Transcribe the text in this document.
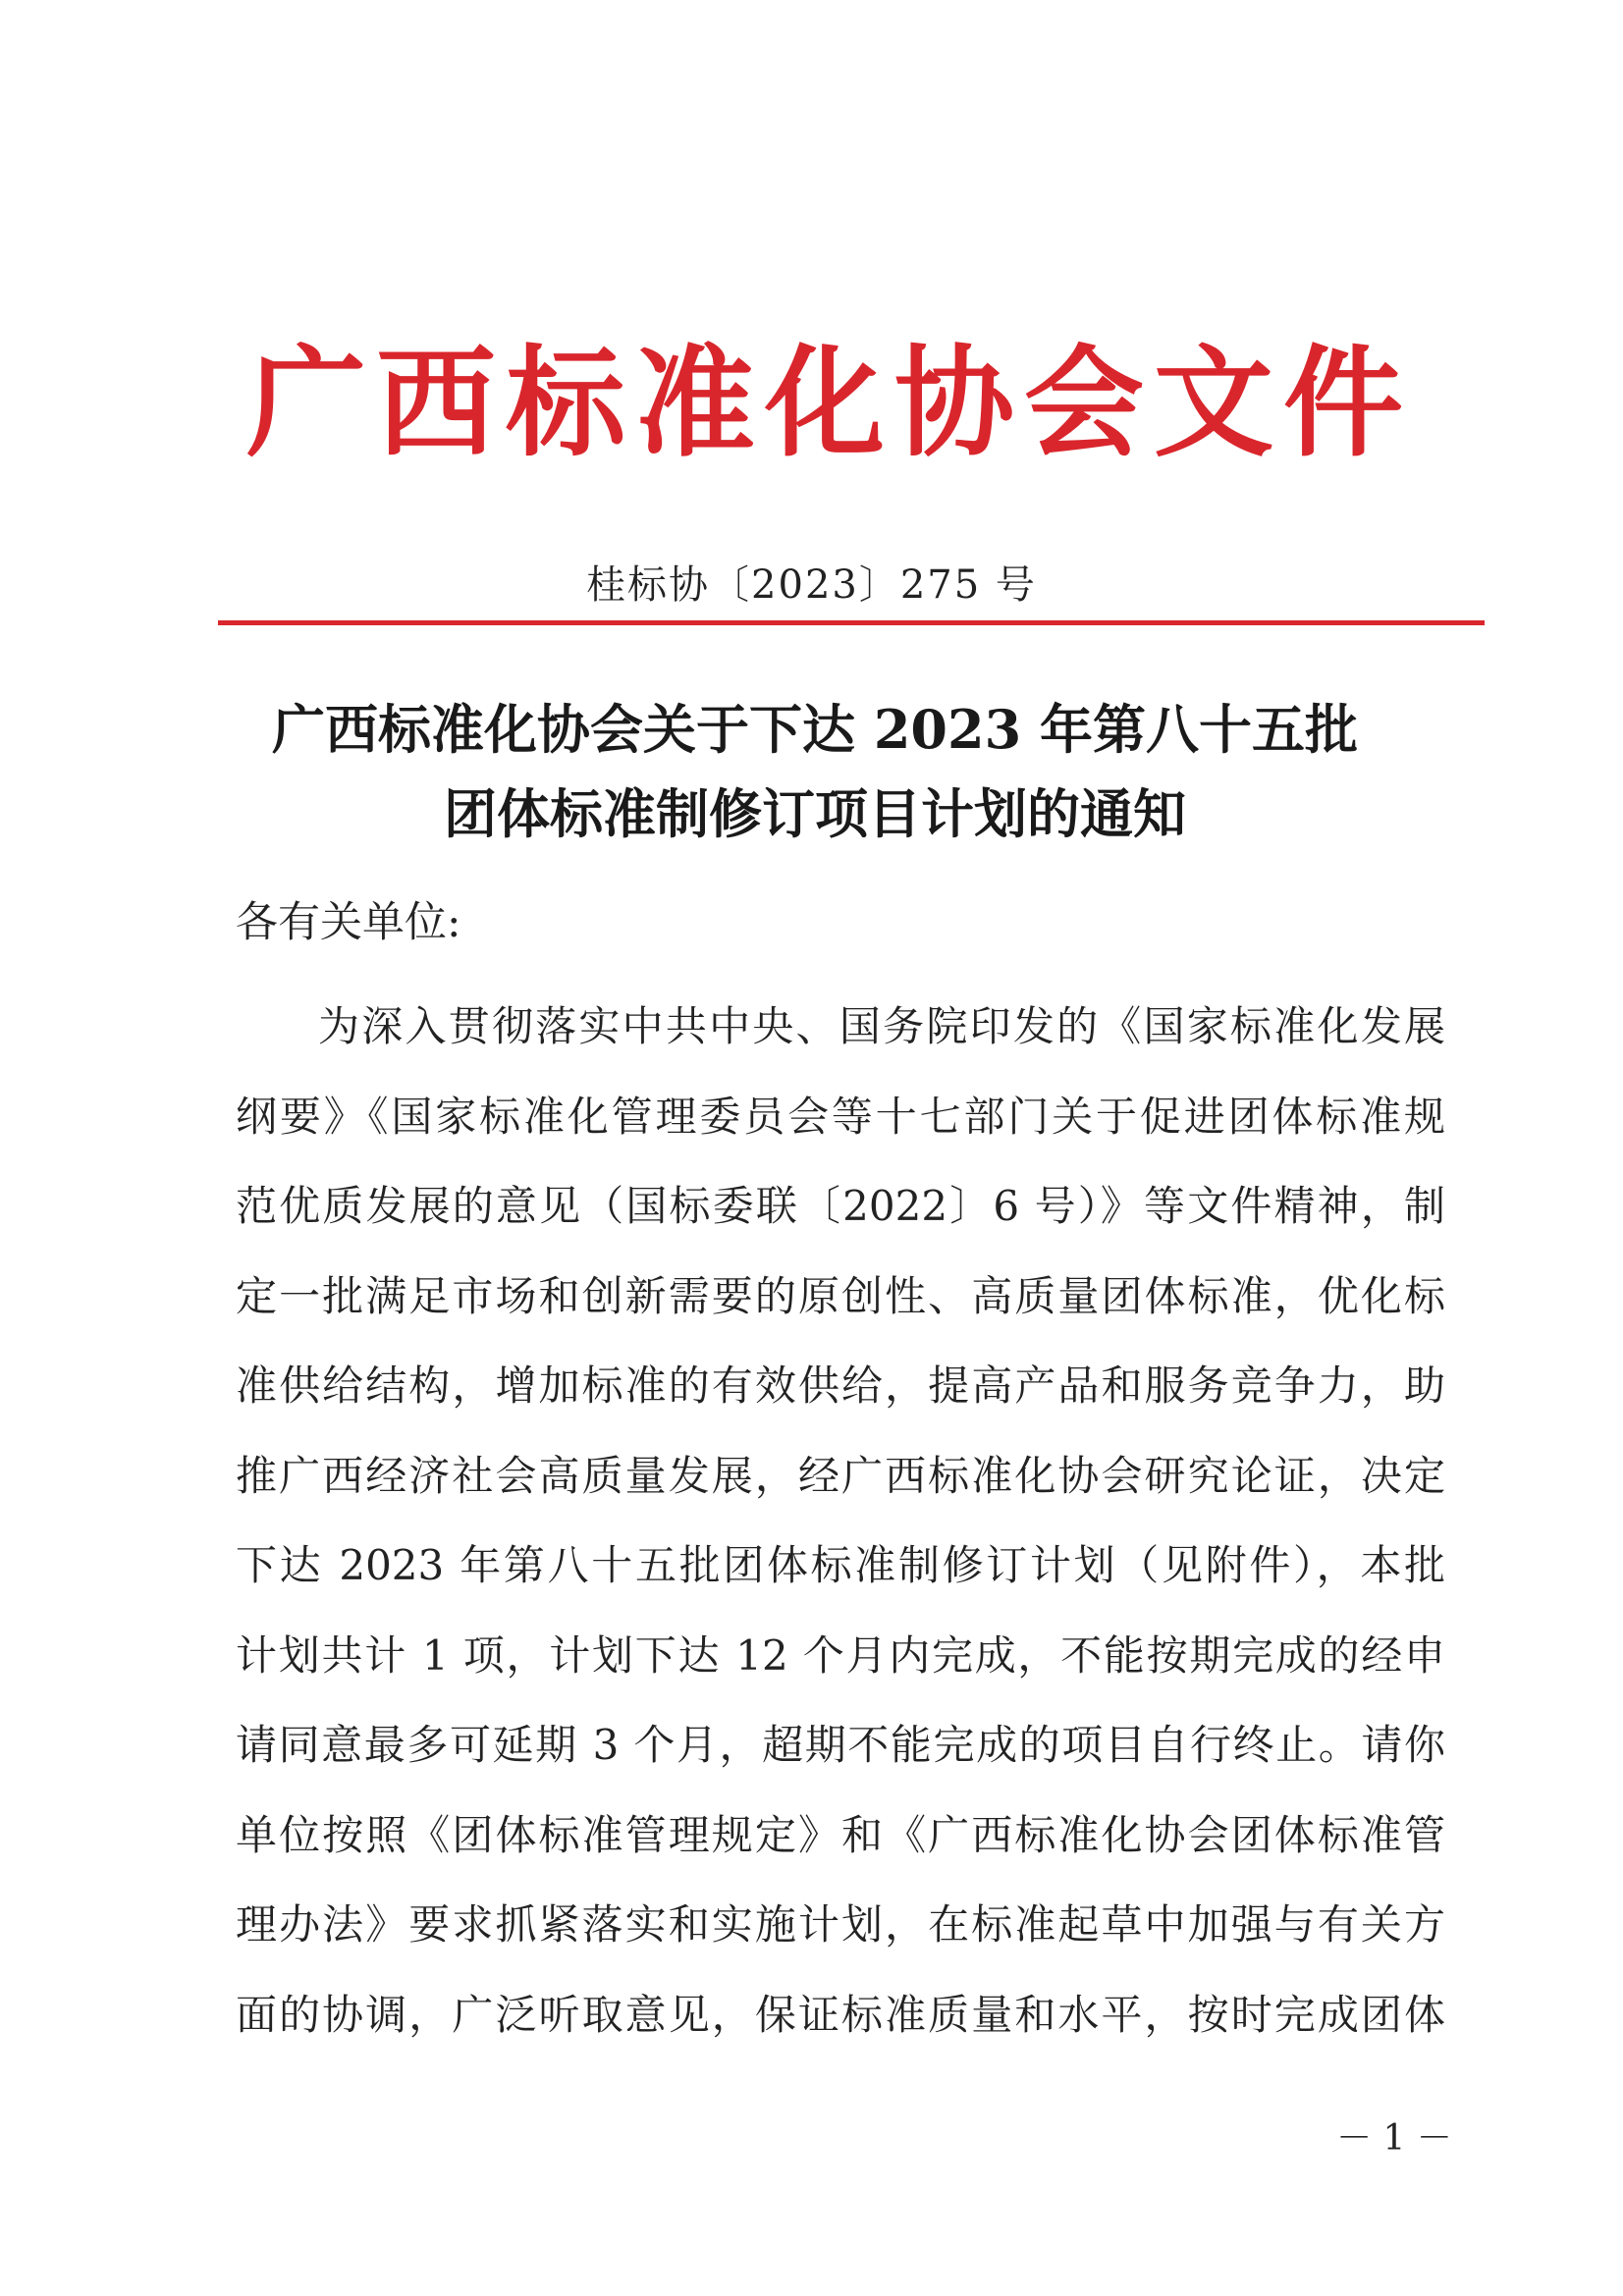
广西标准化协会文件
桂标协〔2023〕275 号
广西标准化协会关于下达 2023 年第八十五批
团体标准制修订项目计划的通知
各有关单位:
为深入贯彻落实中共中央、国务院印发的《国家标准化发展
纲要》《国家标准化管理委员会等十七部门关于促进团体标准规
范优质发展的意见（国标委联〔2022〕6 号）》等文件精神，制
定一批满足市场和创新需要的原创性、高质量团体标准，优化标
准供给结构，增加标准的有效供给，提高产品和服务竞争力，助
推广西经济社会高质量发展，经广西标准化协会研究论证，决定
下达 2023 年第八十五批团体标准制修订计划（见附件），本批
计划共计 1 项，计划下达 12 个月内完成，不能按期完成的经申
请同意最多可延期 3 个月，超期不能完成的项目自行终止。请你
单位按照《团体标准管理规定》和《广西标准化协会团体标准管
理办法》要求抓紧落实和实施计划，在标准起草中加强与有关方
面的协调，广泛听取意见，保证标准质量和水平，按时完成团体
－ 1 －
